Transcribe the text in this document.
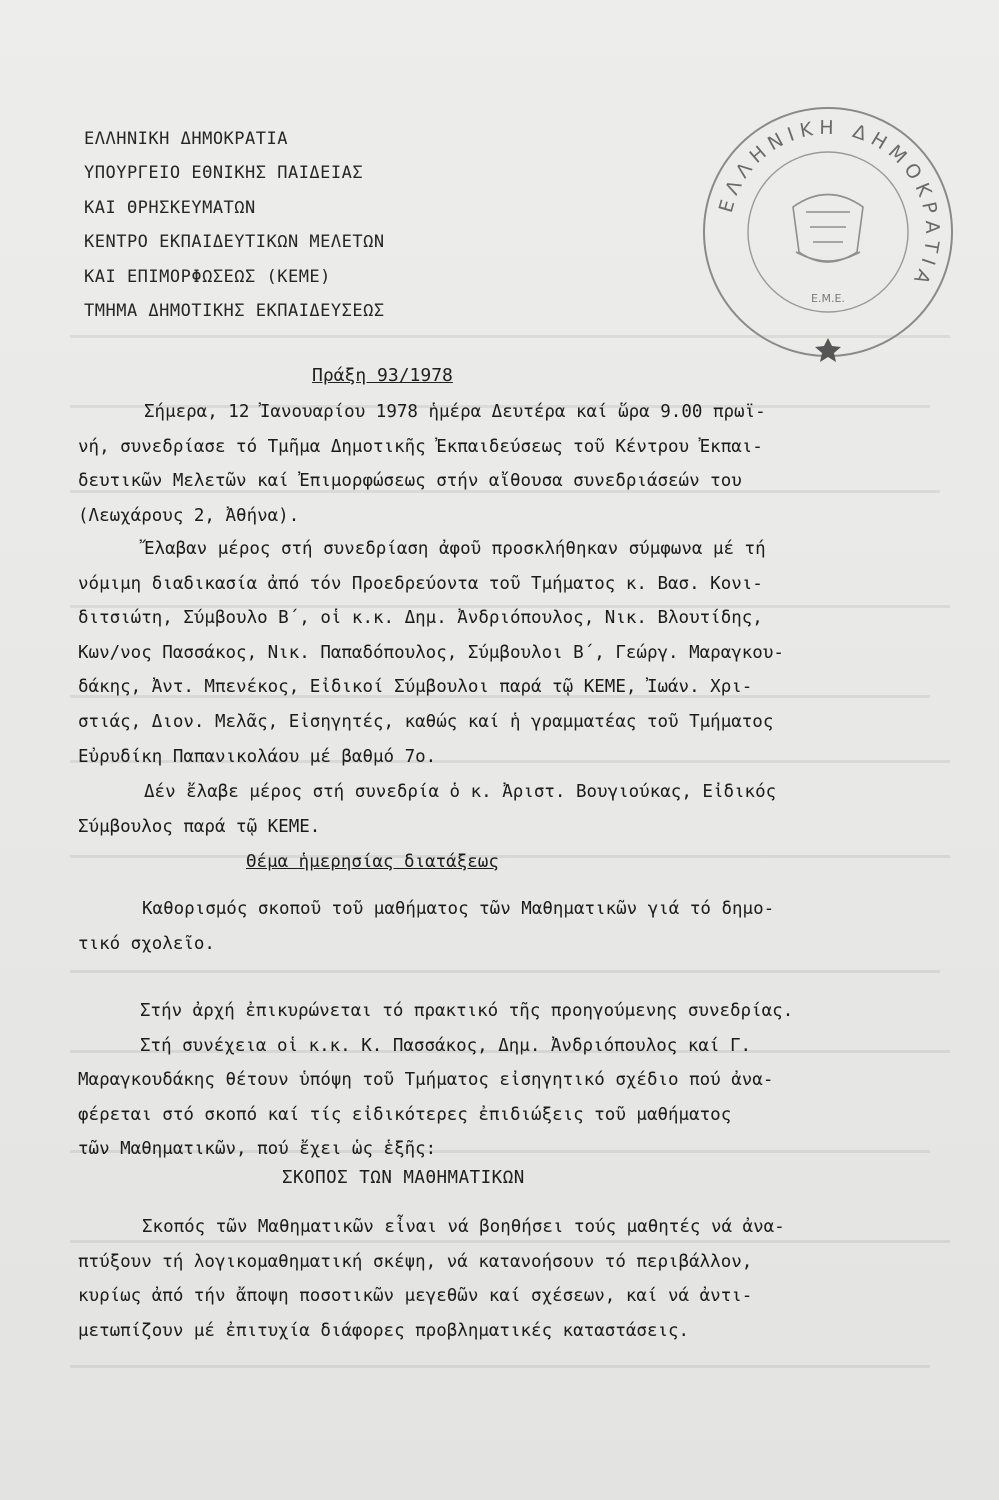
ΕΛΛΗΝΙΚΗ ΔΗΜΟΚΡΑΤΙΑ
ΥΠΟΥΡΓΕΙΟ ΕΘΝΙΚΗΣ ΠΑΙΔΕΙΑΣ
ΚΑΙ ΘΡΗΣΚΕΥΜΑΤΩΝ
ΚΕΝΤΡΟ ΕΚΠΑΙΔΕΥΤΙΚΩΝ ΜΕΛΕΤΩΝ
ΚΑΙ ΕΠΙΜΟΡΦΩΣΕΩΣ (ΚΕΜΕ)
ΤΜΗΜΑ ΔΗΜΟΤΙΚΗΣ ΕΚΠΑΙΔΕΥΣΕΩΣ
ΕΛΛΗΝΙΚΗ ΔΗΜΟΚΡΑΤΙΑ
Ε.Μ.Ε.
Πράξη 93/1978
Σήμερα, 12 Ἰανουαρίου 1978 ἡμέρα Δευτέρα καί ὥρα 9.00 πρωϊ-
νή, συνεδρίασε τό Τμῆμα Δημοτικῆς Ἐκπαιδεύσεως τοῦ Κέντρου Ἐκπαι-
δευτικῶν Μελετῶν καί Ἐπιμορφώσεως στήν αἴθουσα συνεδριάσεών του
(Λεωχάρους 2, Ἀθήνα).
Ἔλαβαν μέρος στή συνεδρίαση ἀφοῦ προσκλήθηκαν σύμφωνα μέ τή
νόμιμη διαδικασία ἀπό τόν Προεδρεύοντα τοῦ Τμήματος κ. Βασ. Κονι-
διτσιώτη, Σύμβουλο Β΄, οἱ κ.κ. Δημ. Ἀνδριόπουλος, Νικ. Βλουτίδης,
Κων/νος Πασσάκος, Νικ. Παπαδόπουλος, Σύμβουλοι Β΄, Γεώργ. Μαραγκου-
δάκης, Ἀντ. Μπενέκος, Εἰδικοί Σύμβουλοι παρά τῷ ΚΕΜΕ, Ἰωάν. Χρι-
στιάς, Διον. Μελᾶς, Εἰσηγητές, καθώς καί ἡ γραμματέας τοῦ Τμήματος
Εὐρυδίκη Παπανικολάου μέ βαθμό 7ο.
Δέν ἔλαβε μέρος στή συνεδρία ὁ κ. Ἀριστ. Βουγιούκας, Εἰδικός
Σύμβουλος παρά τῷ ΚΕΜΕ.
Θέμα ἡμερησίας διατάξεως
Καθορισμός σκοποῦ τοῦ μαθήματος τῶν Μαθηματικῶν γιά τό δημο-
τικό σχολεῖο.
Στήν ἀρχή ἐπικυρώνεται τό πρακτικό τῆς προηγούμενης συνεδρίας.
Στή συνέχεια οἱ κ.κ. Κ. Πασσάκος, Δημ. Ἀνδριόπουλος καί Γ.
Μαραγκουδάκης θέτουν ὑπόψη τοῦ Τμήματος εἰσηγητικό σχέδιο πού ἀνα-
φέρεται στό σκοπό καί τίς εἰδικότερες ἐπιδιώξεις τοῦ μαθήματος
τῶν Μαθηματικῶν, πού ἔχει ὡς ἑξῆς:
ΣΚΟΠΟΣ ΤΩΝ ΜΑΘΗΜΑΤΙΚΩΝ
Σκοπός τῶν Μαθηματικῶν εἶναι νά βοηθήσει τούς μαθητές νά ἀνα-
πτύξουν τή λογικομαθηματική σκέψη, νά κατανοήσουν τό περιβάλλον,
κυρίως ἀπό τήν ἄποψη ποσοτικῶν μεγεθῶν καί σχέσεων, καί νά ἀντι-
μετωπίζουν μέ ἐπιτυχία διάφορες προβληματικές καταστάσεις.
